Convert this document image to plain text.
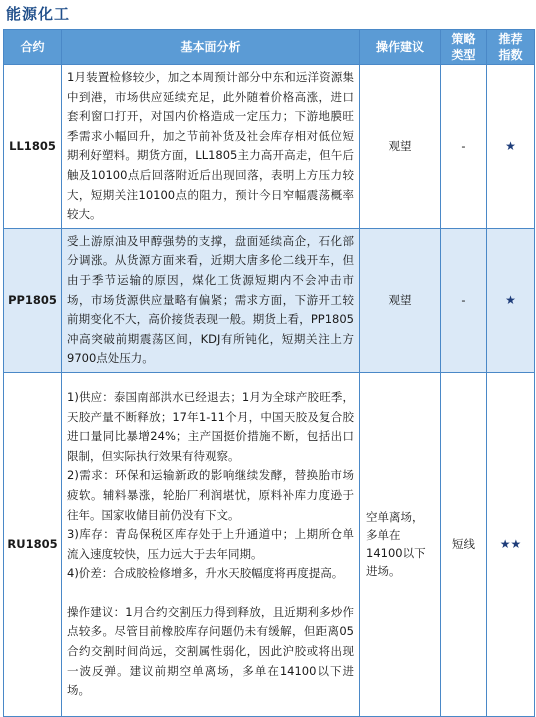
能源化工
合约	基本面分析	操作建议	策略类型	推荐指数
LL1805	1月装置检修较少，加之本周预计部分中东和远洋资源集中到港，市场供应延续充足，此外随着价格高涨，进口套利窗口打开，对国内价格造成一定压力；下游地膜旺季需求小幅回升，加之节前补货及社会库存相对低位短期利好塑料。期货方面，LL1805主力高开高走，但午后触及10100点后回落附近后出现回落，表明上方压力较大，短期关注10100点的阻力，预计今日窄幅震荡概率较大。	观望	-	★
PP1805	受上游原油及甲醇强势的支撑，盘面延续高企，石化部分调涨。从货源方面来看，近期大唐多伦二线开车，但由于季节运输的原因，煤化工货源短期内不会冲击市场，市场货源供应量略有偏紧；需求方面，下游开工较前期变化不大，高价接货表现一般。期货上看，PP1805冲高突破前期震荡区间，KDJ有所钝化，短期关注上方9700点处压力。	观望	-	★
RU1805	1)供应：泰国南部洪水已经退去；1月为全球产胶旺季，天胶产量不断释放；17年1-11个月，中国天胶及复合胶进口量同比暴增24%；主产国挺价措施不断，包括出口限制，但实际执行效果有待观察。

2)需求：环保和运输新政的影响继续发酵，替换胎市场疲软。辅料暴涨，轮胎厂利润堪忧，原料补库力度逊于往年。国家收储目前仍没有下文。

3)库存：青岛保税区库存处于上升通道中；上期所仓单流入速度较快，压力远大于去年同期。

4)价差：合成胶检修增多，升水天胶幅度将再度提高。

操作建议：1月合约交割压力得到释放，且近期利多炒作点较多。尽管目前橡胶库存问题仍未有缓解，但距离05合约交割时间尚远，交割属性弱化，因此沪胶或将出现一波反弹。建议前期空单离场，多单在14100以下进场。	空单离场，多单在14100以下进场。	短线	★★
